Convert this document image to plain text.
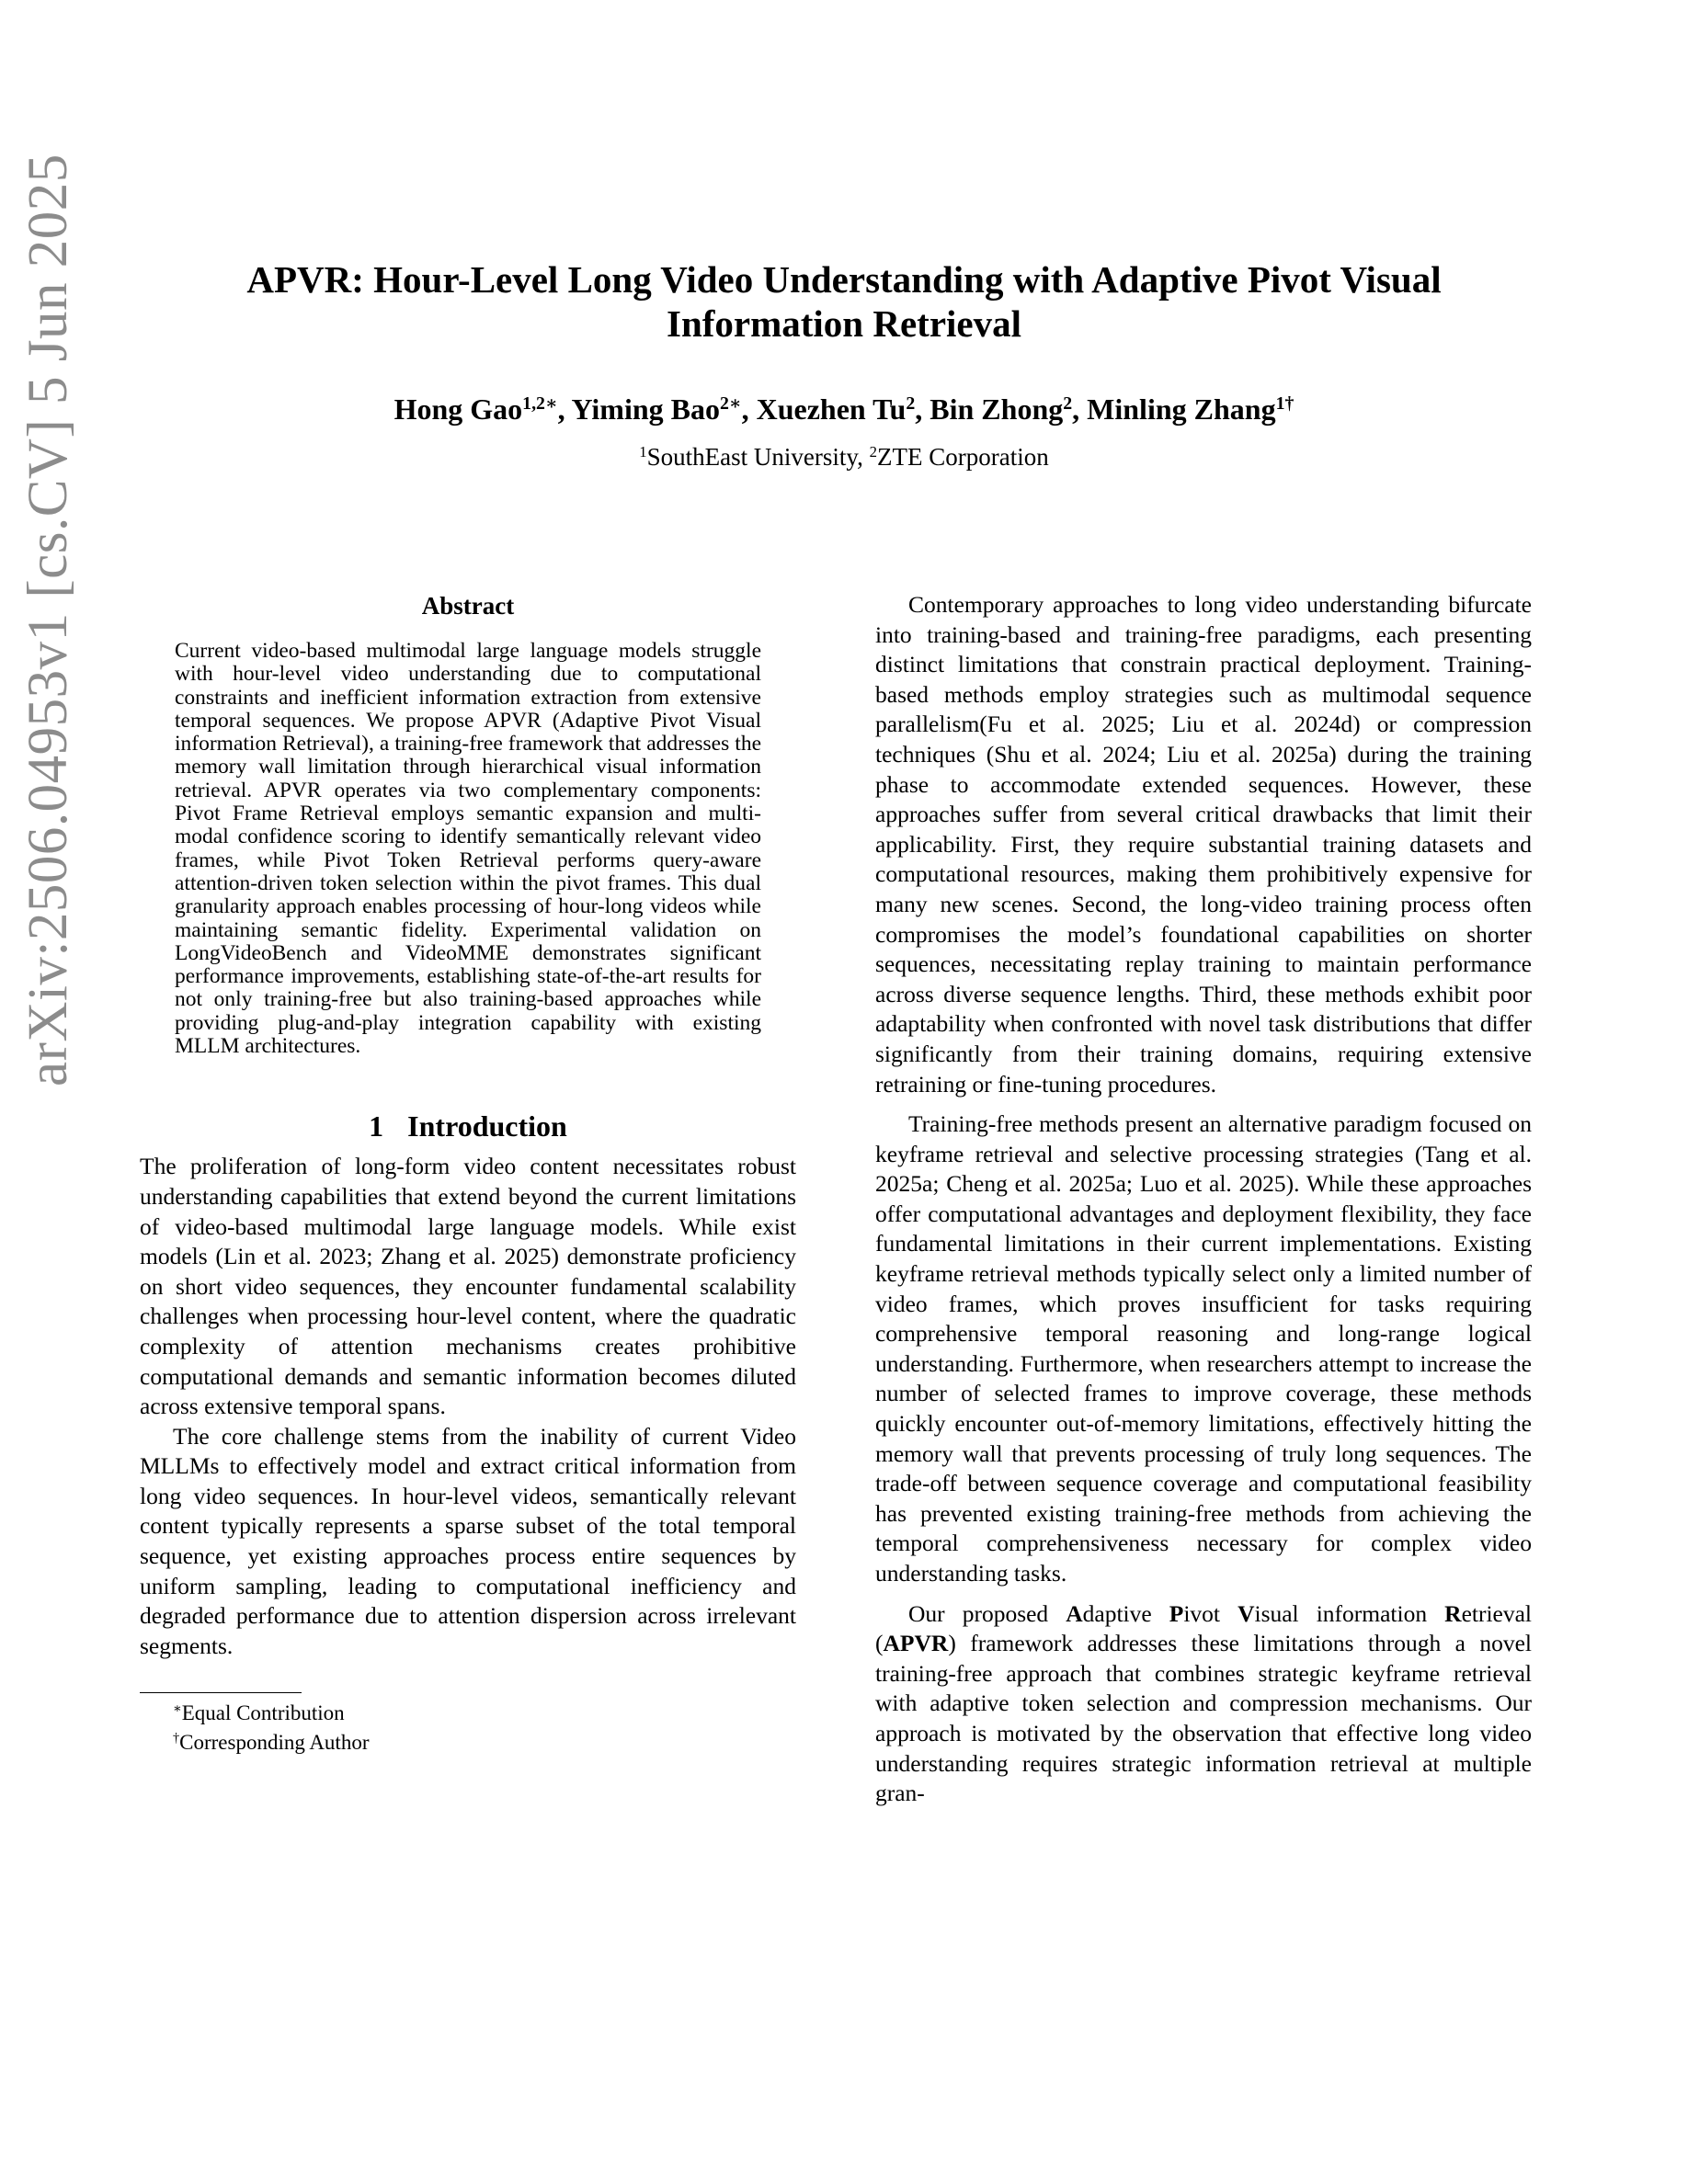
arXiv:2506.04953v1 [cs.CV] 5 Jun 2025	APVR: Hour-Level Long Video Understanding with Adaptive Pivot Visual
Information Retrieval
Hong Gao$^{1,2∗}$, Yiming Bao$^{2∗}$, Xuezhen Tu$^2$, Bin Zhong$^2$, Minling Zhang$^{1\dagger}$
$^1$SouthEast University, $^2$ZTE Corporation
Abstract

Current video-based multimodal large language models struggle with hour-level video understanding due to computational constraints and inefficient information extraction from extensive temporal sequences. We propose APVR (Adaptive Pivot Visual information Retrieval), a training-free framework that addresses the memory wall limitation through hierarchical visual information retrieval. APVR operates via two complementary components: Pivot Frame Retrieval employs semantic expansion and multi-modal confidence scoring to identify semantically relevant video frames, while Pivot Token Retrieval performs query-aware attention-driven token selection within the pivot frames. This dual granularity approach enables processing of hour-long videos while maintaining semantic fidelity. Experimental validation on LongVideoBench and VideoMME demonstrates significant performance improvements, establishing state-of-the-art results for not only training-free but also training-based approaches while providing plug-and-play integration capability with existing MLLM architectures.

1 Introduction

The proliferation of long-form video content necessitates robust understanding capabilities that extend beyond the current limitations of video-based multimodal large language models. While exist models (Lin et al. 2023; Zhang et al. 2025) demonstrate proficiency on short video sequences, they encounter fundamental scalability challenges when processing hour-level content, where the quadratic complexity of attention mechanisms creates prohibitive computational demands and semantic information becomes diluted across extensive temporal spans.

The core challenge stems from the inability of current Video MLLMs to effectively model and extract critical information from long video sequences. In hour-level videos, semantically relevant content typically represents a sparse subset of the total temporal sequence, yet existing approaches process entire sequences by uniform sampling, leading to computational inefficiency and degraded performance due to attention dispersion across irrelevant segments.

∗Equal Contribution
†Corresponding Author

Contemporary approaches to long video understanding bifurcate into training-based and training-free paradigms, each presenting distinct limitations that constrain practical deployment. Training-based methods employ strategies such as multimodal sequence parallelism(Fu et al. 2025; Liu et al. 2024d) or compression techniques (Shu et al. 2024; Liu et al. 2025a) during the training phase to accommodate extended sequences. However, these approaches suffer from several critical drawbacks that limit their applicability. First, they require substantial training datasets and computational resources, making them prohibitively expensive for many new scenes. Second, the long-video training process often compromises the model’s foundational capabilities on shorter sequences, necessitating replay training to maintain performance across diverse sequence lengths. Third, these methods exhibit poor adaptability when confronted with novel task distributions that differ significantly from their training domains, requiring extensive retraining or fine-tuning procedures.

Training-free methods present an alternative paradigm focused on keyframe retrieval and selective processing strategies (Tang et al. 2025a; Cheng et al. 2025a; Luo et al. 2025). While these approaches offer computational advantages and deployment flexibility, they face fundamental limitations in their current implementations. Existing keyframe retrieval methods typically select only a limited number of video frames, which proves insufficient for tasks requiring comprehensive temporal reasoning and long-range logical understanding. Furthermore, when researchers attempt to increase the number of selected frames to improve coverage, these methods quickly encounter out-of-memory limitations, effectively hitting the memory wall that prevents processing of truly long sequences. The trade-off between sequence coverage and computational feasibility has prevented existing training-free methods from achieving the temporal comprehensiveness necessary for complex video understanding tasks.

Our proposed Adaptive Pivot Visual information Retrieval (APVR) framework addresses these limitations through a novel training-free approach that combines strategic keyframe retrieval with adaptive token selection and compression mechanisms. Our approach is motivated by the observation that effective long video understanding requires strategic information retrieval at multiple gran-
